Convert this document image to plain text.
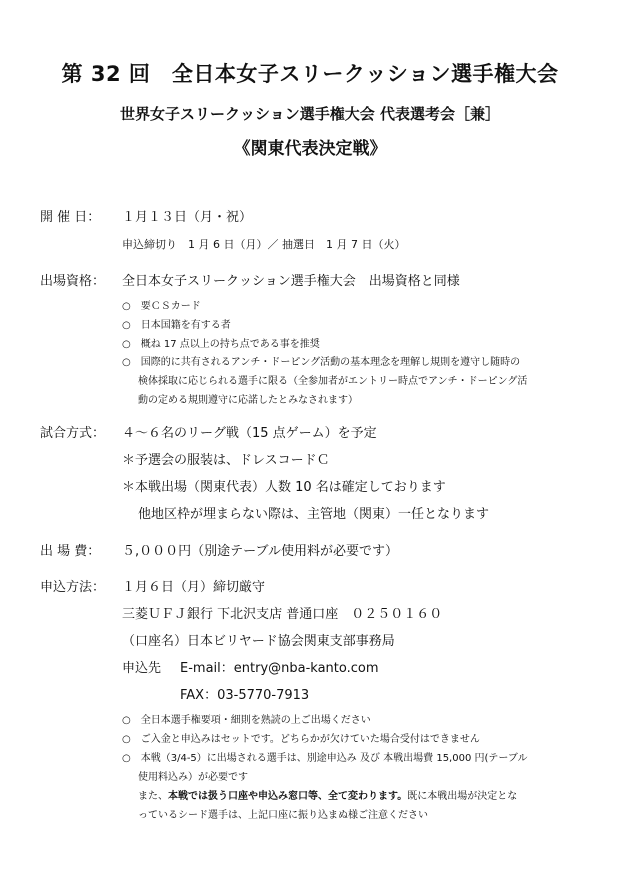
第 32 回　全日本女子スリークッション選手権大会
世界女子スリークッション選手権大会 代表選考会［兼］
《関東代表決定戦》
開 催 日： １月１３日（月・祝）
申込締切り　1 月 6 日（月）／ 抽選日　1 月 7 日（火）
出場資格： 全日本女子スリークッション選手権大会　出場資格と同様
○　要ＣＳカード
○　日本国籍を有する者
○　概ね 17 点以上の持ち点である事を推奨
○　国際的に共有されるアンチ・ドーピング活動の基本理念を理解し規則を遵守し随時の
検体採取に応じられる選手に限る（全参加者がエントリー時点でアンチ・ドーピング活
動の定める規則遵守に応諾したとみなされます）
試合方式： ４～６名のリーグ戦（15 点ゲーム）を予定
＊予選会の服装は、ドレスコードＣ
＊本戦出場（関東代表）人数 10 名は確定しております
他地区枠が埋まらない際は、主管地（関東）一任となります
出 場 費： ５,０００円（別途テーブル使用料が必要です）
申込方法： １月６日（月）締切厳守
三菱ＵＦＪ銀行 下北沢支店 普通口座　０２５０１６０
（口座名）日本ビリヤード協会関東支部事務局
申込先 E-mail：entry@nba-kanto.com
FAX：03-5770-7913
○　全日本選手権要項・細則を熟読の上ご出場ください
○　ご入金と申込みはセットです。どちらかが欠けていた場合受付はできません
○　本戦（3/4-5）に出場される選手は、別途申込み 及び 本戦出場費 15,000 円(テーブル
使用料込み）が必要です
また、本戦では扱う口座や申込み窓口等、全て変わります。既に本戦出場が決定とな
っているシード選手は、上記口座に振り込まぬ様ご注意ください
